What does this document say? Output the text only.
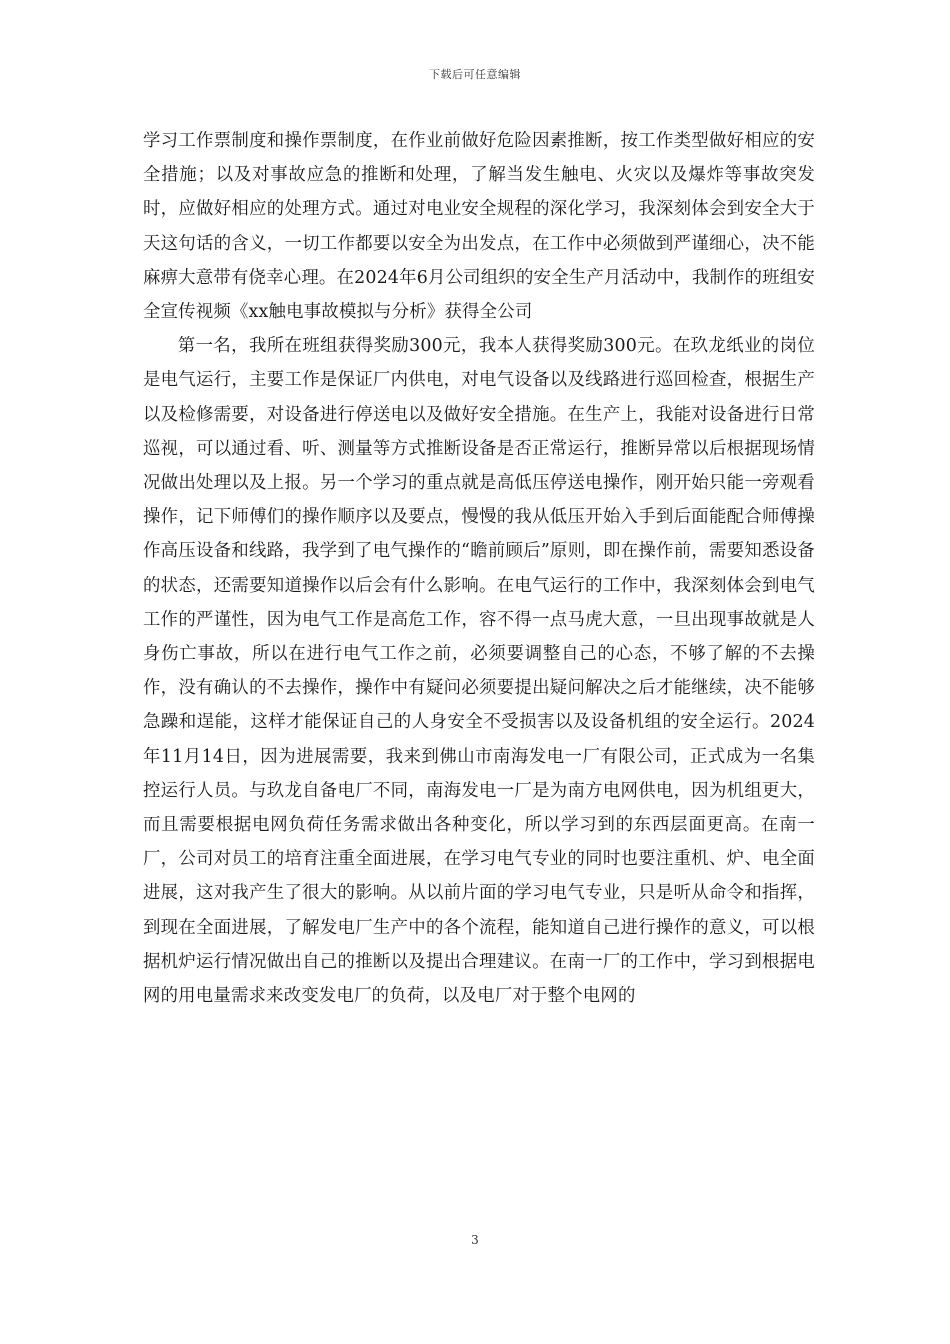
下载后可任意编辑

学习工作票制度和操作票制度，在作业前做好危险因素推断，按工作类型做好相应的安全措施；以及对事故应急的推断和处理，了解当发生触电、火灾以及爆炸等事故突发时，应做好相应的处理方式。通过对电业安全规程的深化学习，我深刻体会到安全大于天这句话的含义，一切工作都要以安全为出发点，在工作中必须做到严谨细心，决不能麻痹大意带有侥幸心理。在2024年6月公司组织的安全生产月活动中，我制作的班组安全宣传视频《xx触电事故模拟与分析》获得全公司

第一名，我所在班组获得奖励300元，我本人获得奖励300元。在玖龙纸业的岗位是电气运行，主要工作是保证厂内供电，对电气设备以及线路进行巡回检查，根据生产以及检修需要，对设备进行停送电以及做好安全措施。在生产上，我能对设备进行日常巡视，可以通过看、听、测量等方式推断设备是否正常运行，推断异常以后根据现场情况做出处理以及上报。另一个学习的重点就是高低压停送电操作，刚开始只能一旁观看操作，记下师傅们的操作顺序以及要点，慢慢的我从低压开始入手到后面能配合师傅操作高压设备和线路，我学到了电气操作的“瞻前顾后”原则，即在操作前，需要知悉设备的状态，还需要知道操作以后会有什么影响。在电气运行的工作中，我深刻体会到电气工作的严谨性，因为电气工作是高危工作，容不得一点马虎大意，一旦出现事故就是人身伤亡事故，所以在进行电气工作之前，必须要调整自己的心态，不够了解的不去操作，没有确认的不去操作，操作中有疑问必须要提出疑问解决之后才能继续，决不能够急躁和逞能，这样才能保证自己的人身安全不受损害以及设备机组的安全运行。2024年11月14日，因为进展需要，我来到佛山市南海发电一厂有限公司，正式成为一名集控运行人员。与玖龙自备电厂不同，南海发电一厂是为南方电网供电，因为机组更大，而且需要根据电网负荷任务需求做出各种变化，所以学习到的东西层面更高。在南一厂，公司对员工的培育注重全面进展，在学习电气专业的同时也要注重机、炉、电全面进展，这对我产生了很大的影响。从以前片面的学习电气专业，只是听从命令和指挥，到现在全面进展，了解发电厂生产中的各个流程，能知道自己进行操作的意义，可以根据机炉运行情况做出自己的推断以及提出合理建议。在南一厂的工作中，学习到根据电网的用电量需求来改变发电厂的负荷，以及电厂对于整个电网的

3
